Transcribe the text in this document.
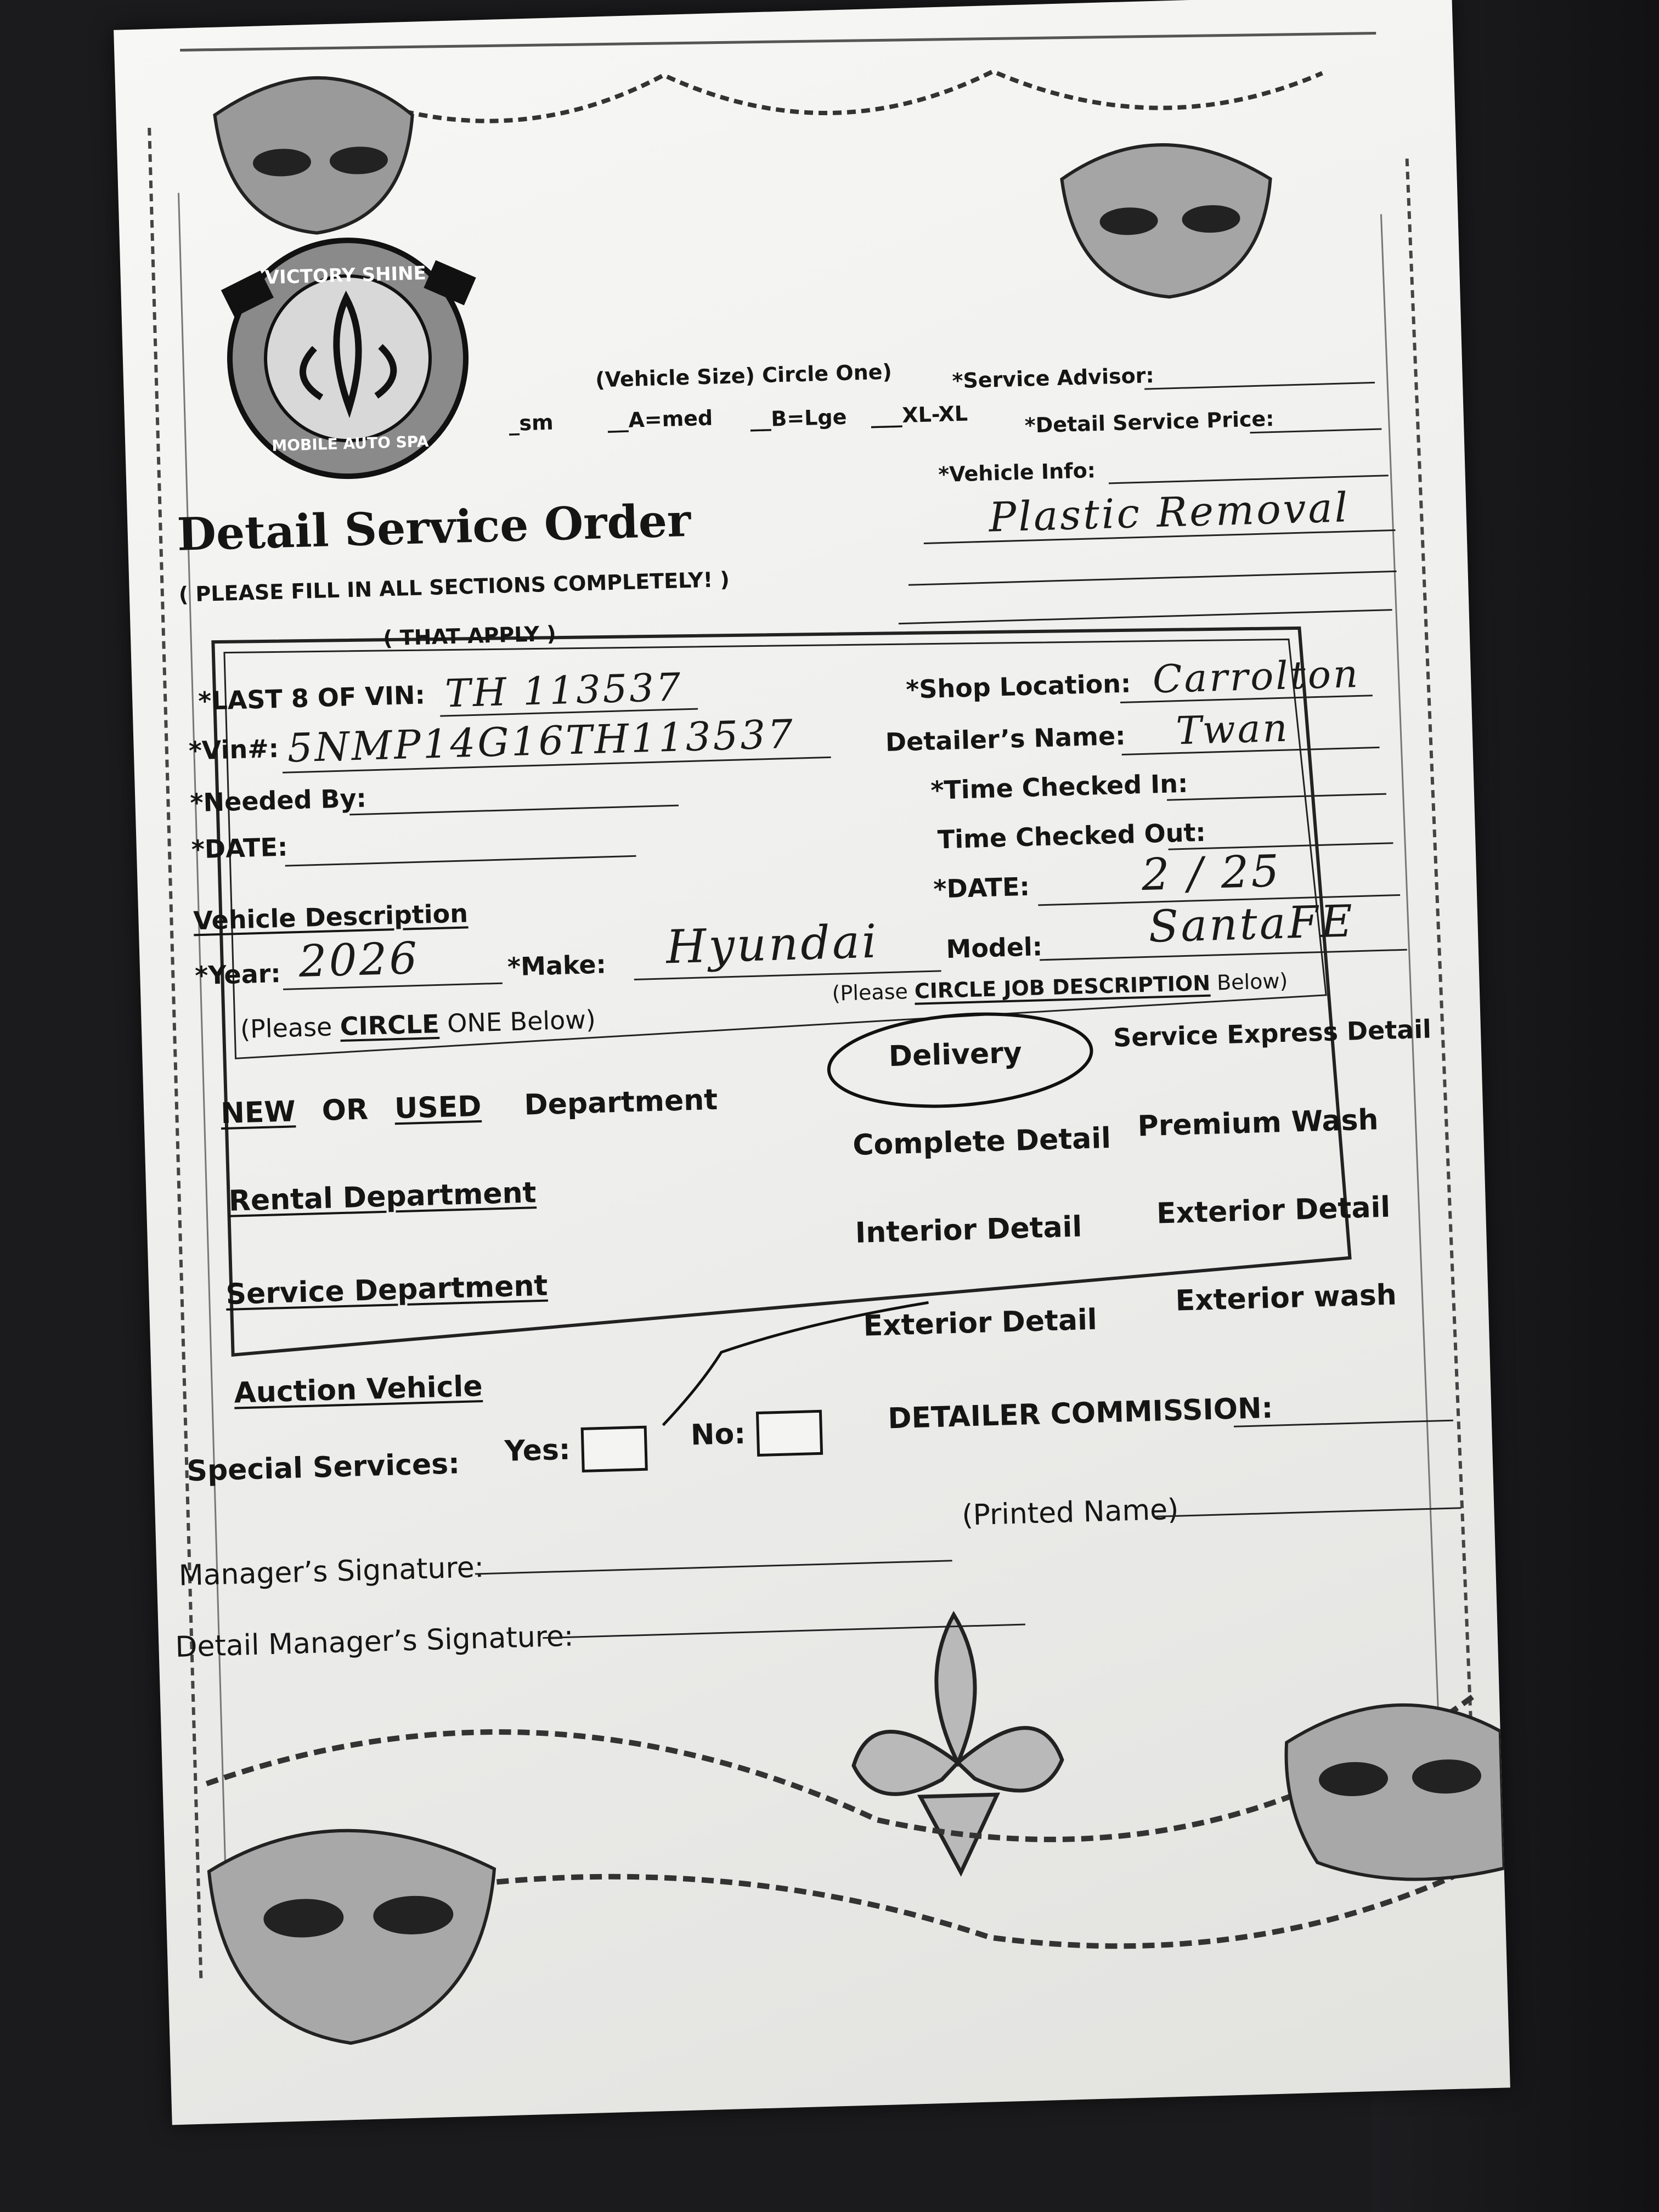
VICTORY SHINE
MOBILE AUTO SPA
(Vehicle Size) Circle One)
_sm	__A=med __B=Lge ___XL-XL
*Service Advisor:
*Detail Service Price:
*Vehicle Info:
Plastic Removal
Detail Service Order
( PLEASE FILL IN ALL SECTIONS COMPLETELY! )
( THAT APPLY )
*LAST 8 OF VIN: TH 113537
*Vin#: 5NMP14G16TH113537
*Needed By:
*DATE:
*Shop Location: Carrolton
Detailer’s Name: Twan
*Time Checked In:
Time Checked Out:
*DATE:	2 / 25
Vehicle Description
*Year: 2026	*Make: Hyundai	Model: SantaFE
(Please CIRCLE ONE Below)
(Please CIRCLE JOB DESCRIPTION Below)
NEW OR USED Department
Rental Department
Service Department
Auction Vehicle
Delivery
Service Express Detail
Complete Detail Premium Wash
Interior Detail	Exterior Detail
Exterior Detail
Exterior wash
Special Services: Yes:	No:	DETAILER COMMISSION:
Manager’s Signature:
(Printed Name)
Detail Manager’s Signature:
